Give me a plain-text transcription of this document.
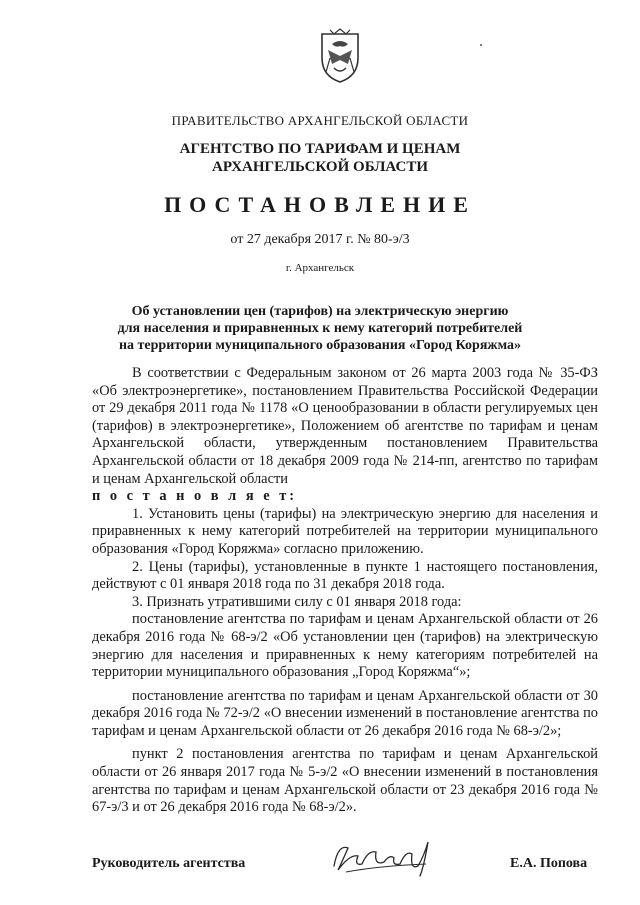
ПРАВИТЕЛЬСТВО АРХАНГЕЛЬСКОЙ ОБЛАСТИ
АГЕНТСТВО ПО ТАРИФАМ И ЦЕНАМ
АРХАНГЕЛЬСКОЙ ОБЛАСТИ
ПОСТАНОВЛЕНИЕ
от 27 декабря 2017 г. № 80-э/3
г. Архангельск
Об установлении цен (тарифов) на электрическую энергию
для населения и приравненных к нему категорий потребителей
на территории муниципального образования «Город Коряжма»

В соответствии с Федеральным законом от 26 марта 2003 года № 35-ФЗ «Об электроэнергетике», постановлением Правительства Российской Федерации от 29 декабря 2011 года № 1178 «О ценообразовании в области регулируемых цен (тарифов) в электроэнергетике», Положением об агентстве по тарифам и ценам Архангельской области, утвержденным постановлением Правительства Архангельской области от 18 декабря 2009 года № 214-пп, агентство по тарифам и ценам Архангельской области

п о с т а н о в л я е т:

1. Установить цены (тарифы) на электрическую энергию для населения и приравненных к нему категорий потребителей на территории муниципального образования «Город Коряжма» согласно приложению.

2. Цены (тарифы), установленные в пункте 1 настоящего постановления, действуют с 01 января 2018 года по 31 декабря 2018 года.

3. Признать утратившими силу с 01 января 2018 года:

постановление агентства по тарифам и ценам Архангельской области от 26 декабря 2016 года № 68-э/2 «Об установлении цен (тарифов) на электрическую энергию для населения и приравненных к нему категориям потребителей на территории муниципального образования „Город Коряжма“»;

постановление агентства по тарифам и ценам Архангельской области от 30 декабря 2016 года № 72-э/2 «О внесении изменений в постановление агентства по тарифам и ценам Архангельской области от 26 декабря 2016 года № 68-э/2»;

пункт 2 постановления агентства по тарифам и ценам Архангельской области от 26 января 2017 года № 5-э/2 «О внесении изменений в постановления агентства по тарифам и ценам Архангельской области от 23 декабря 2016 года № 67-э/3 и от 26 декабря 2016 года № 68-э/2».

Руководитель агентства	Е.А. Попова
